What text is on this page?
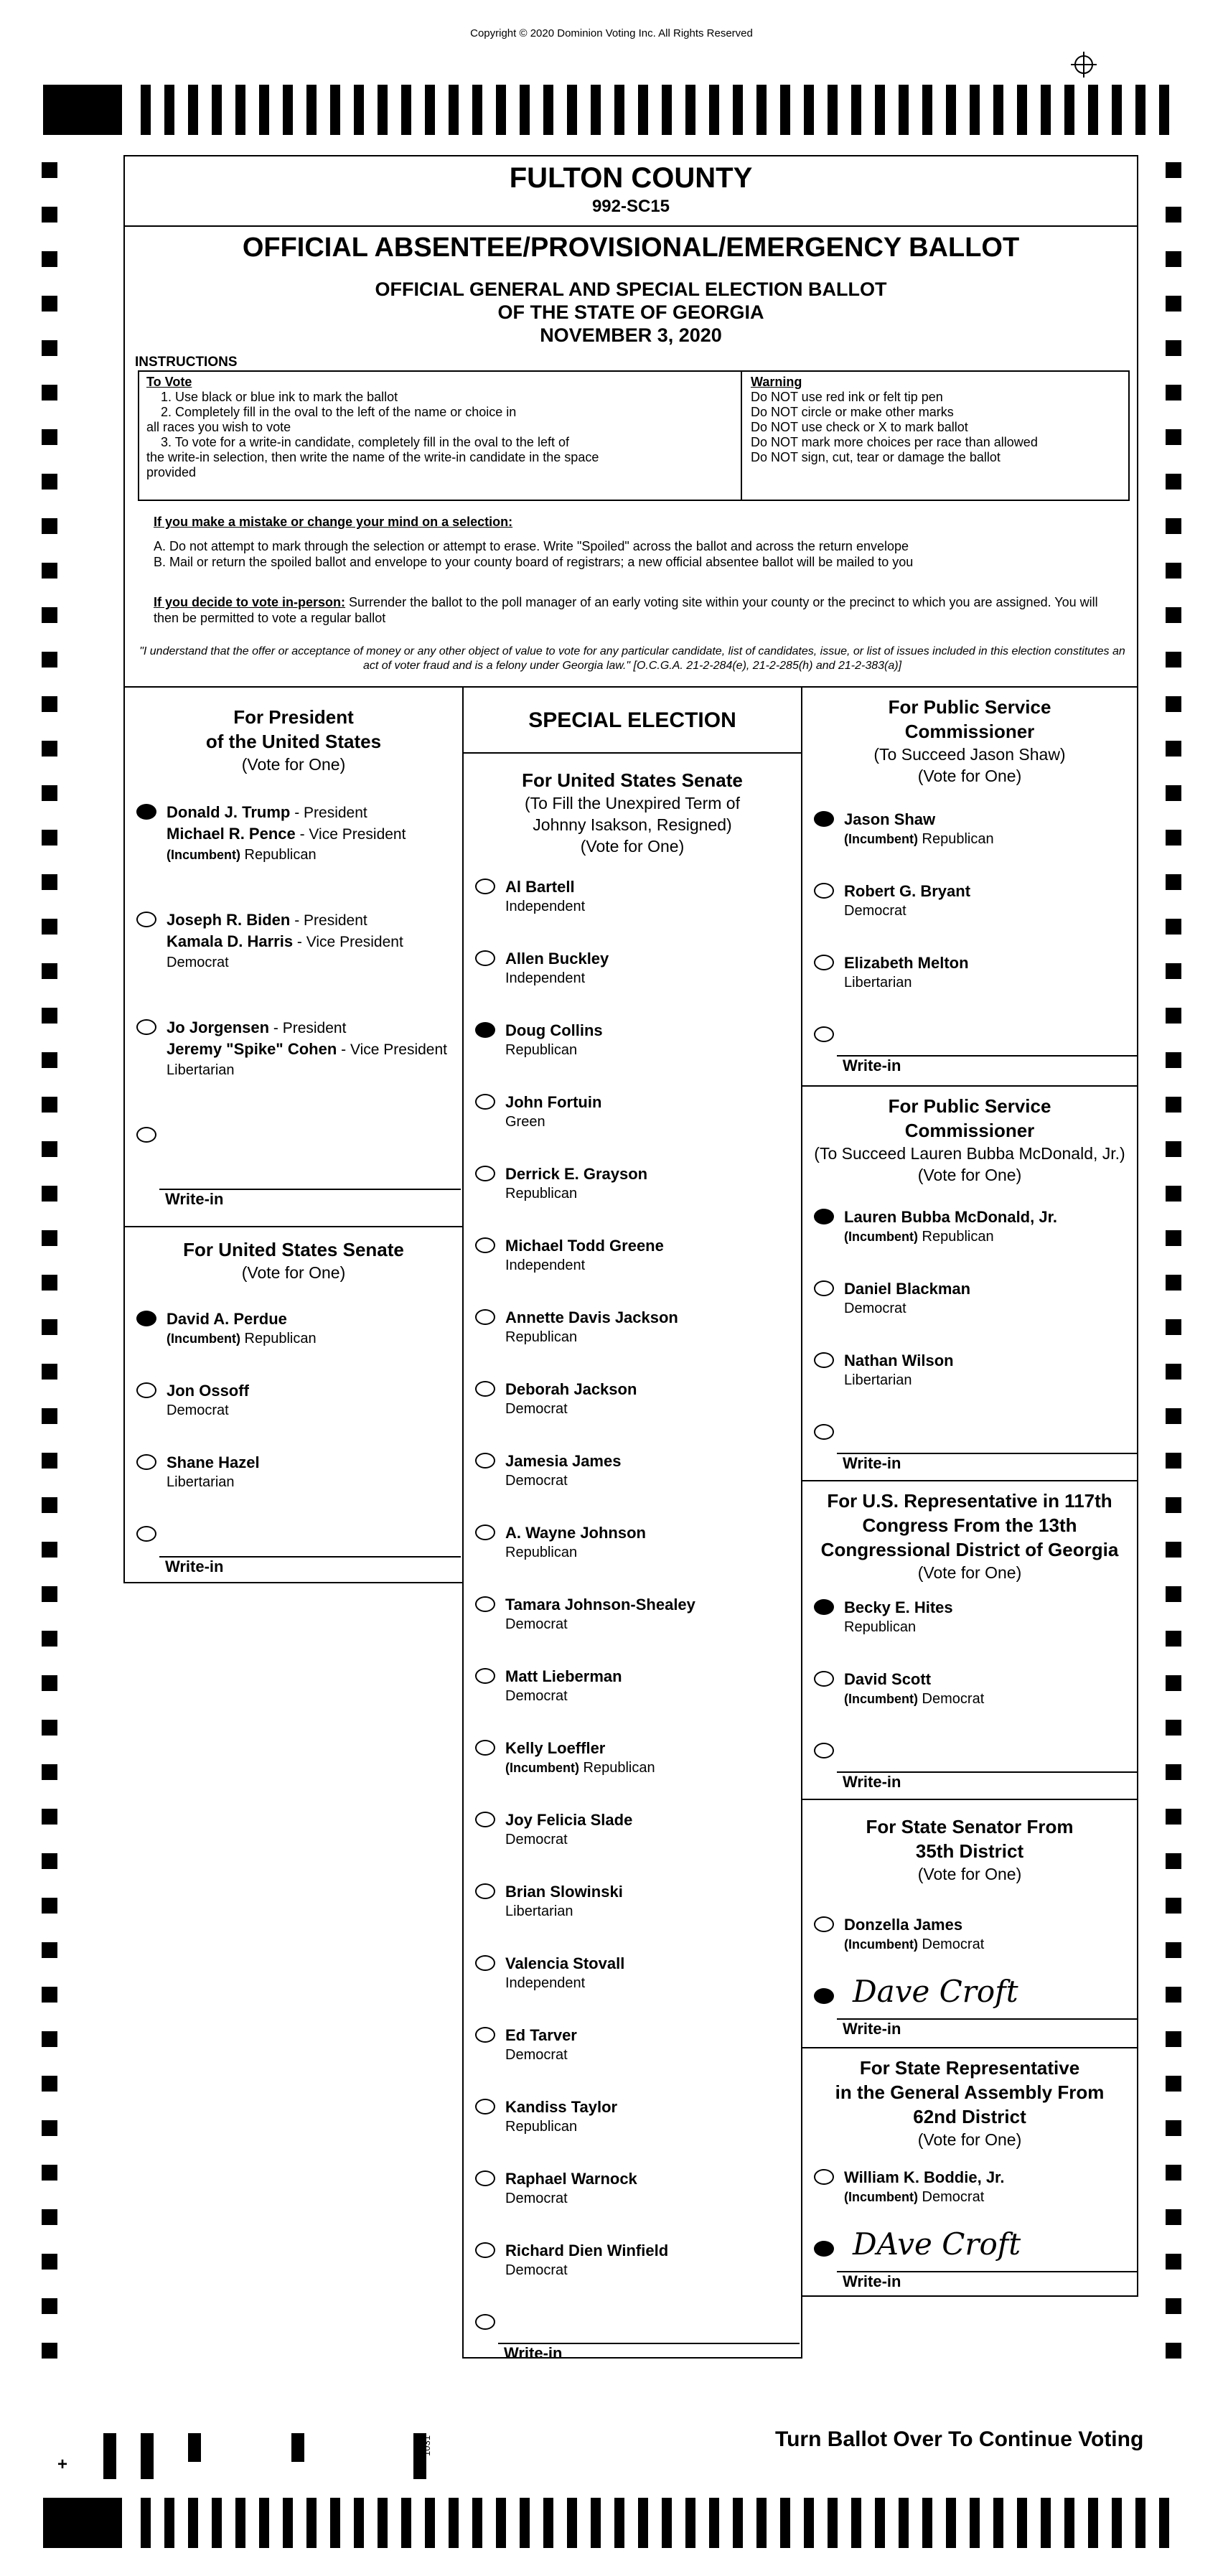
Copyright © 2020 Dominion Voting Inc. All Rights Reserved
FULTON COUNTY
992-SC15
OFFICIAL ABSENTEE/PROVISIONAL/EMERGENCY BALLOT
OFFICIAL GENERAL AND SPECIAL ELECTION BALLOT
OF THE STATE OF GEORGIA
NOVEMBER 3, 2020
INSTRUCTIONS
To Vote
1. Use black or blue ink to mark the ballot
2. Completely fill in the oval to the left of the name or choice in
all races you wish to vote
3. To vote for a write-in candidate, completely fill in the oval to the left of
the write-in selection, then write the name of the write-in candidate in the space
provided
Warning
Do NOT use red ink or felt tip pen
Do NOT circle or make other marks
Do NOT use check or X to mark ballot
Do NOT mark more choices per race than allowed
Do NOT sign, cut, tear or damage the ballot
If you make a mistake or change your mind on a selection:
A. Do not attempt to mark through the selection or attempt to erase. Write "Spoiled" across the ballot and across the return envelope
B. Mail or return the spoiled ballot and envelope to your county board of registrars; a new official absentee ballot will be mailed to you
If you decide to vote in-person: Surrender the ballot to the poll manager of an early voting site within your county or the precinct to which you are assigned. You will then be permitted to vote a regular ballot
"I understand that the offer or acceptance of money or any other object of value to vote for any particular candidate, list of candidates, issue, or list of issues included in this election constitutes an act of voter fraud and is a felony under Georgia law." [O.C.G.A. 21-2-284(e), 21-2-285(h) and 21-2-383(a)]
For President
of the United States
(Vote for One)
Donald J. Trump - President
Michael R. Pence - Vice President
(Incumbent) Republican
Joseph R. Biden - President
Kamala D. Harris - Vice President
Democrat
Jo Jorgensen - President
Jeremy "Spike" Cohen - Vice President
Libertarian
Write-in
For United States Senate
(Vote for One)
David A. Perdue
(Incumbent) Republican
Jon Ossoff
Democrat
Shane Hazel
Libertarian
Write-in
SPECIAL ELECTION
For United States Senate
(To Fill the Unexpired Term of
Johnny Isakson, Resigned)
(Vote for One)
Al Bartell
Independent
Allen Buckley
Independent
Doug Collins
Republican
John Fortuin
Green
Derrick E. Grayson
Republican
Michael Todd Greene
Independent
Annette Davis Jackson
Republican
Deborah Jackson
Democrat
Jamesia James
Democrat
A. Wayne Johnson
Republican
Tamara Johnson-Shealey
Democrat
Matt Lieberman
Democrat
Kelly Loeffler
(Incumbent) Republican
Joy Felicia Slade
Democrat
Brian Slowinski
Libertarian
Valencia Stovall
Independent
Ed Tarver
Democrat
Kandiss Taylor
Republican
Raphael Warnock
Democrat
Richard Dien Winfield
Democrat
Write-in
For Public Service
Commissioner
(To Succeed Jason Shaw)
(Vote for One)
Jason Shaw
(Incumbent) Republican
Robert G. Bryant
Democrat
Elizabeth Melton
Libertarian
Write-in
For Public Service
Commissioner
(To Succeed Lauren Bubba McDonald, Jr.)
(Vote for One)
Lauren Bubba McDonald, Jr.
(Incumbent) Republican
Daniel Blackman
Democrat
Nathan Wilson
Libertarian
Write-in
For U.S. Representative in 117th
Congress From the 13th
Congressional District of Georgia
(Vote for One)
Becky E. Hites
Republican
David Scott
(Incumbent) Democrat
Write-in
For State Senator From
35th District
(Vote for One)
Donzella James
(Incumbent) Democrat
Dave Croft
Write-in
For State Representative
in the General Assembly From
62nd District
(Vote for One)
William K. Boddie, Jr.
(Incumbent) Democrat
DAve Croft
Write-in
+
1031	Turn Ballot Over To Continue Voting
